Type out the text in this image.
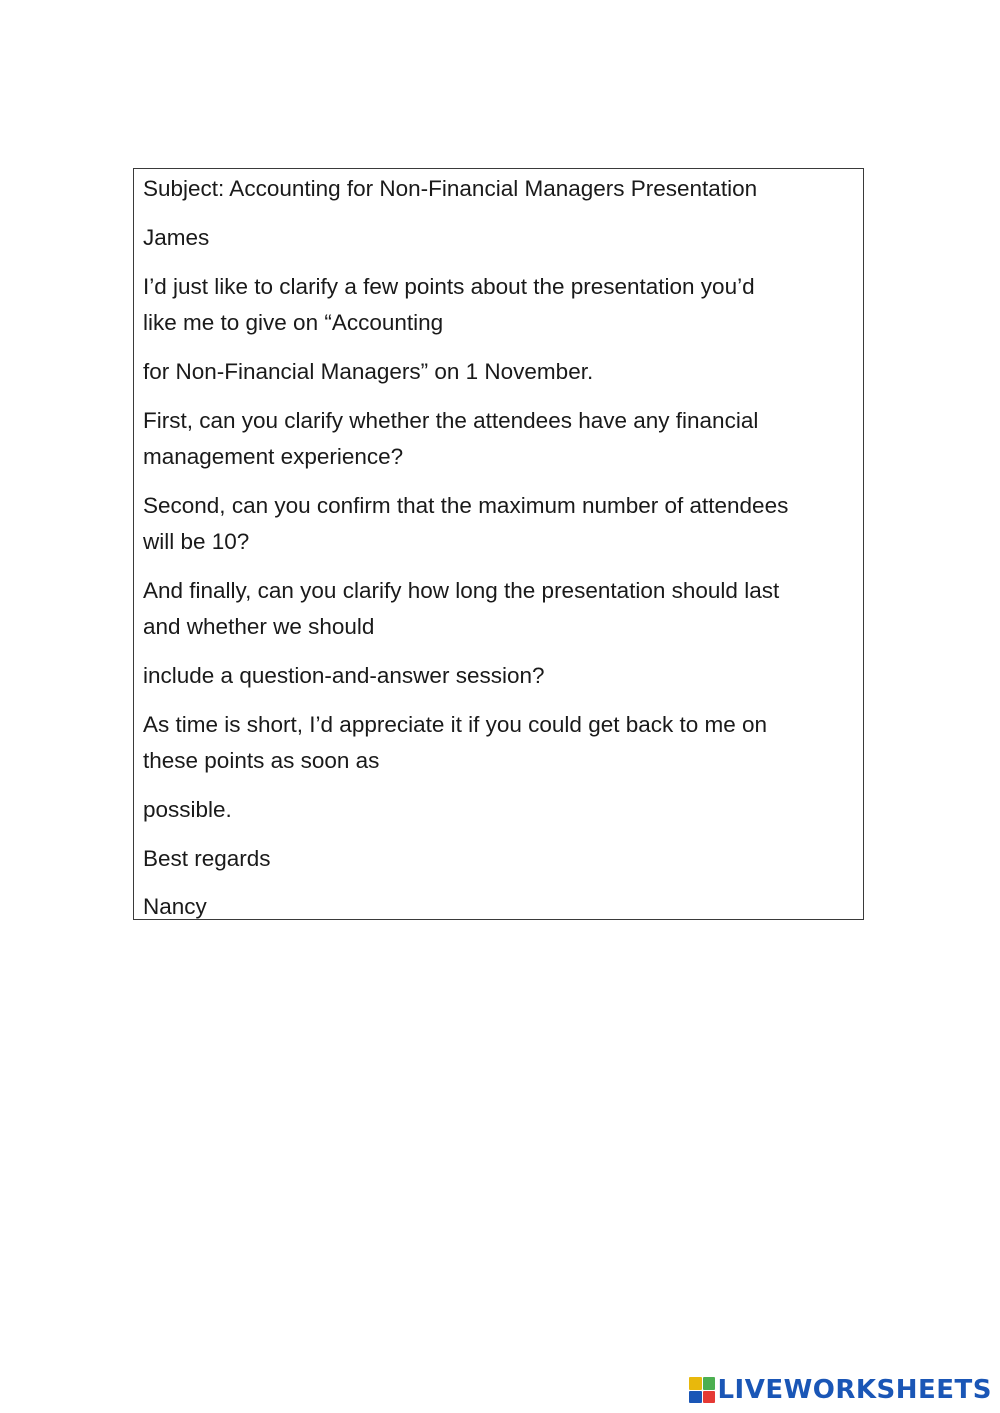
Subject: Accounting for Non-Financial Managers Presentation

James

I’d just like to clarify a few points about the presentation you’d

like me to give on “Accounting

for Non-Financial Managers” on 1 November.

First, can you clarify whether the attendees have any financial

management experience?

Second, can you confirm that the maximum number of attendees

will be 10?

And finally, can you clarify how long the presentation should last

and whether we should

include a question-and-answer session?

As time is short, I’d appreciate it if you could get back to me on

these points as soon as

possible.

Best regards

Nancy

LIVEWORKSHEETS
